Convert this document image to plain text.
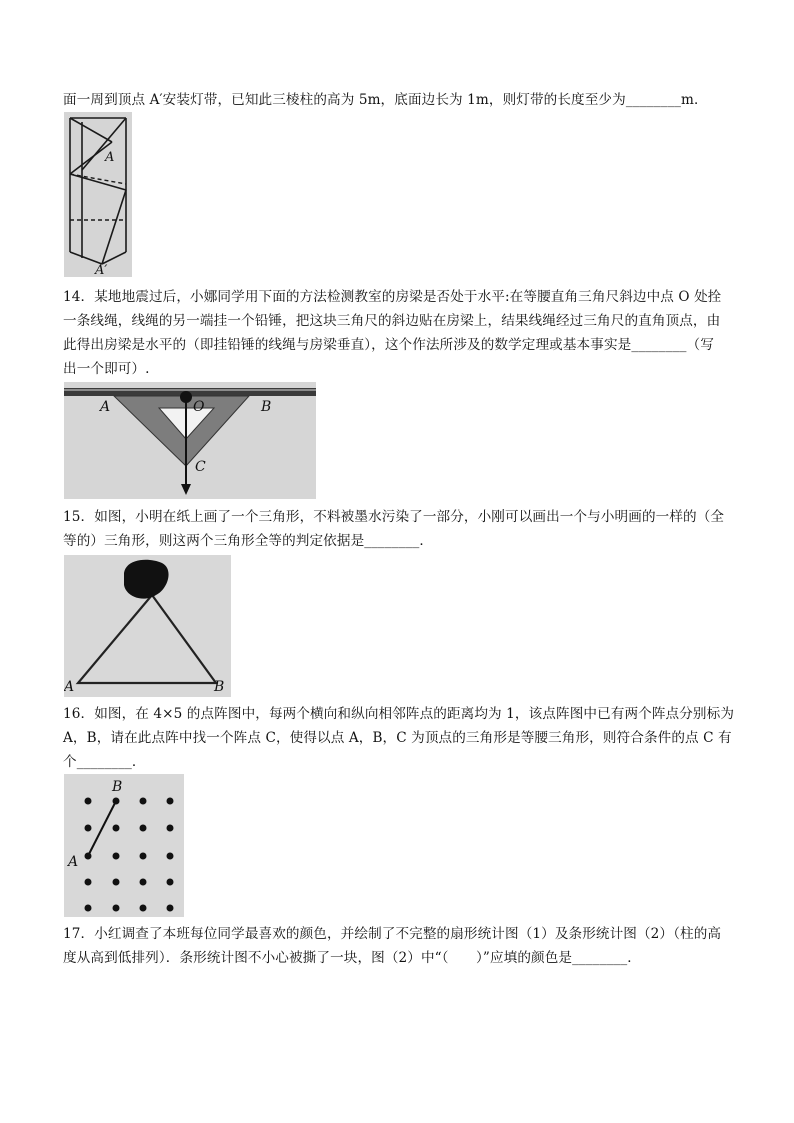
面一周到顶点 A′安装灯带，已知此三棱柱的高为 5m，底面边长为 1m，则灯带的长度至少为________m．
A
A′
14．某地地震过后，小娜同学用下面的方法检测教室的房梁是否处于水平:在等腰直角三角尺斜边中点 O 处拴
一条线绳，线绳的另一端挂一个铅锤，把这块三角尺的斜边贴在房梁上，结果线绳经过三角尺的直角顶点，由
此得出房梁是水平的（即挂铅锤的线绳与房梁垂直），这个作法所涉及的数学定理或基本事实是________（写
出一个即可）.
A	O	B
C
15．如图，小明在纸上画了一个三角形，不料被墨水污染了一部分，小刚可以画出一个与小明画的一样的（全
等的）三角形，则这两个三角形全等的判定依据是________．
A	B
16．如图，在 4×5 的点阵图中，每两个横向和纵向相邻阵点的距离均为 1，该点阵图中已有两个阵点分别标为
A，B，请在此点阵中找一个阵点 C，使得以点 A，B，C 为顶点的三角形是等腰三角形，则符合条件的点 C 有
个________．
B
A
17．小红调查了本班每位同学最喜欢的颜色，并绘制了不完整的扇形统计图（1）及条形统计图（2）（柱的高
度从高到低排列）．条形统计图不小心被撕了一块，图（2）中“（　　）”应填的颜色是________．
